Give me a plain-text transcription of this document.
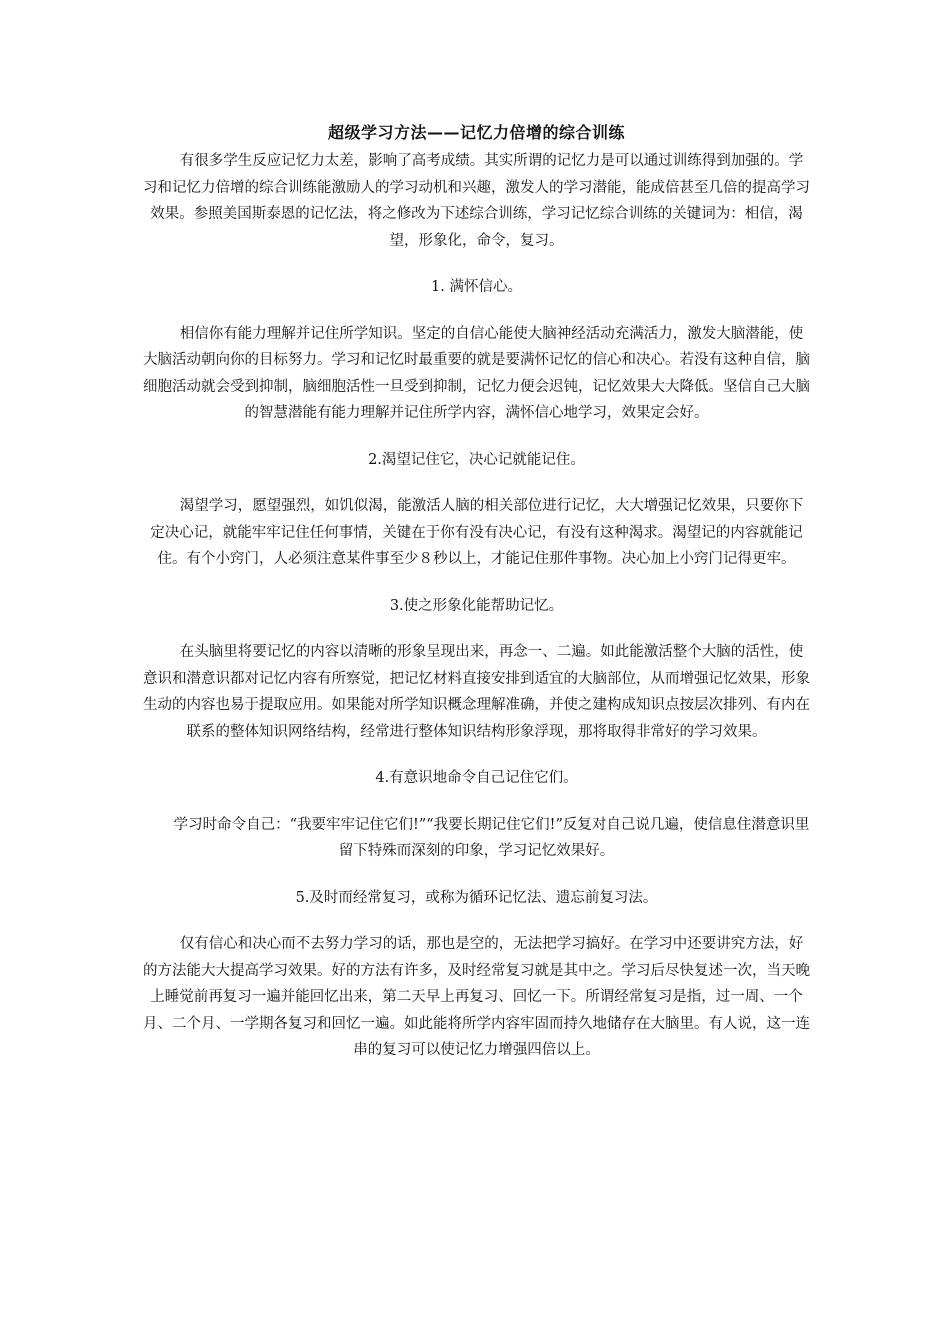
超级学习方法——记忆力倍增的综合训练

有很多学生反应记忆力太差，影响了高考成绩。其实所谓的记忆力是可以通过训练得到加强的。学习和记忆力倍增的综合训练能激励人的学习动机和兴趣，激发人的学习潜能，能成倍甚至几倍的提高学习效果。参照美国斯泰恩的记忆法，将之修改为下述综合训练，学习记忆综合训练的关键词为：相信，渴望，形象化，命令，复习。

1. 满怀信心。

相信你有能力理解并记住所学知识。坚定的自信心能使大脑神经活动充满活力，激发大脑潜能，使大脑活动朝向你的目标努力。学习和记忆时最重要的就是要满怀记忆的信心和决心。若没有这种自信，脑细胞活动就会受到抑制，脑细胞活性一旦受到抑制，记忆力便会迟钝，记忆效果大大降低。坚信自己大脑的智慧潜能有能力理解并记住所学内容，满怀信心地学习，效果定会好。

2.渴望记住它，决心记就能记住。

渴望学习，愿望强烈，如饥似渴，能激活人脑的相关部位进行记忆，大大增强记忆效果，只要你下定决心记，就能牢牢记住任何事情，关键在于你有没有决心记，有没有这种渴求。渴望记的内容就能记住。有个小窍门，人必须注意某件事至少８秒以上，才能记住那件事物。决心加上小窍门记得更牢。

3.使之形象化能帮助记忆。

在头脑里将要记忆的内容以清晰的形象呈现出来，再念一、二遍。如此能激活整个大脑的活性，使意识和潜意识都对记忆内容有所察觉，把记忆材料直接安排到适宜的大脑部位，从而增强记忆效果，形象生动的内容也易于提取应用。如果能对所学知识概念理解准确，并使之建构成知识点按层次排列、有内在联系的整体知识网络结构，经常进行整体知识结构形象浮现，那将取得非常好的学习效果。

4.有意识地命令自己记住它们。

学习时命令自己：“我要牢牢记住它们!”“我要长期记住它们!”反复对自己说几遍，使信息住潜意识里留下特殊而深刻的印象，学习记忆效果好。

5.及时而经常复习，或称为循环记忆法、遗忘前复习法。

仅有信心和决心而不去努力学习的话，那也是空的，无法把学习搞好。在学习中还要讲究方法，好的方法能大大提高学习效果。好的方法有许多，及时经常复习就是其中之。学习后尽快复述一次，当天晚上睡觉前再复习一遍并能回忆出来，第二天早上再复习、回忆一下。所谓经常复习是指，过一周、一个月、二个月、一学期各复习和回忆一遍。如此能将所学内容牢固而持久地储存在大脑里。有人说，这一连串的复习可以使记忆力增强四倍以上。
